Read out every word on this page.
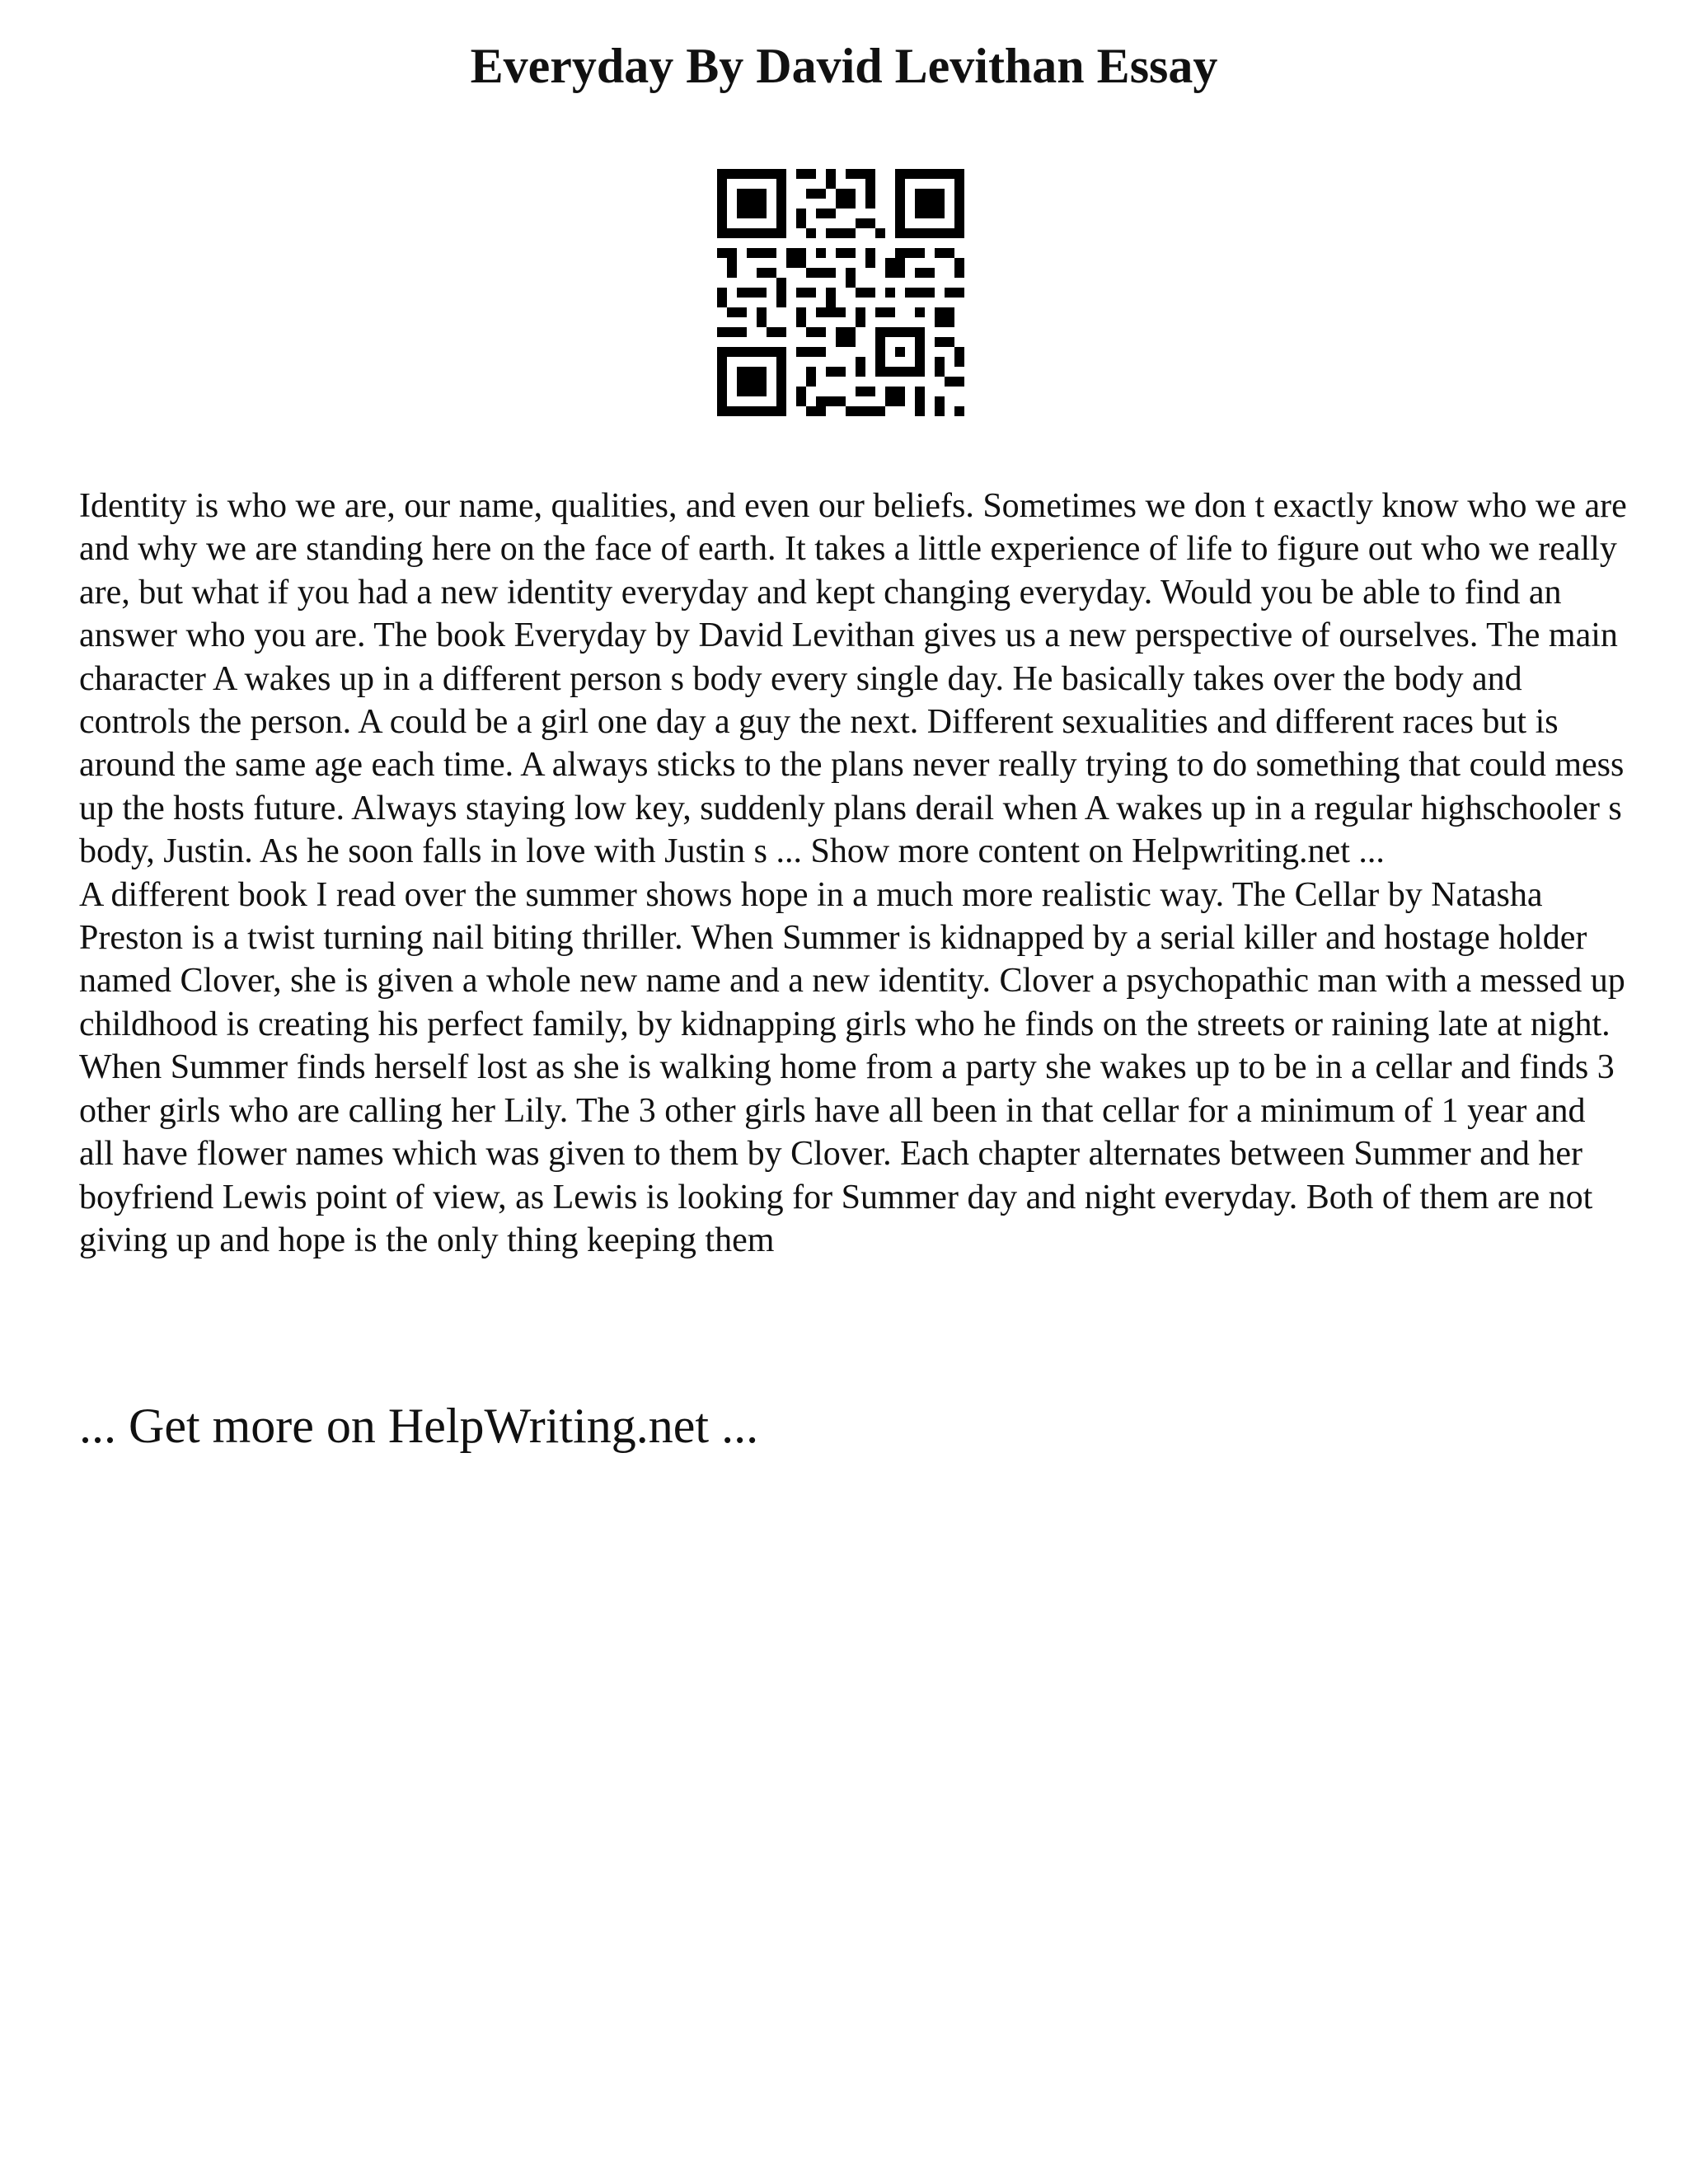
Everyday By David Levithan Essay

Identity is who we are, our name, qualities, and even our beliefs. Sometimes we don t exactly know who we are and why we are standing here on the face of earth. It takes a little experience of life to figure out who we really are, but what if you had a new identity everyday and kept changing everyday. Would you be able to find an answer who you are. The book Everyday by David Levithan gives us a new perspective of ourselves. The main character A wakes up in a different person s body every single day. He basically takes over the body and controls the person. A could be a girl one day a guy the next. Different sexualities and different races but is around the same age each time. A always sticks to the plans never really trying to do something that could mess up the hosts future. Always staying low key, suddenly plans derail when A wakes up in a regular highschooler s body, Justin. As he soon falls in love with Justin s ... Show more content on Helpwriting.net ...

A different book I read over the summer shows hope in a much more realistic way. The Cellar by Natasha Preston is a twist turning nail biting thriller. When Summer is kidnapped by a serial killer and hostage holder named Clover, she is given a whole new name and a new identity. Clover a psychopathic man with a messed up childhood is creating his perfect family, by kidnapping girls who he finds on the streets or raining late at night. When Summer finds herself lost as she is walking home from a party she wakes up to be in a cellar and finds 3 other girls who are calling her Lily. The 3 other girls have all been in that cellar for a minimum of 1 year and all have flower names which was given to them by Clover. Each chapter alternates between Summer and her boyfriend Lewis point of view, as Lewis is looking for Summer day and night everyday. Both of them are not giving up and hope is the only thing keeping them

... Get more on HelpWriting.net ...
